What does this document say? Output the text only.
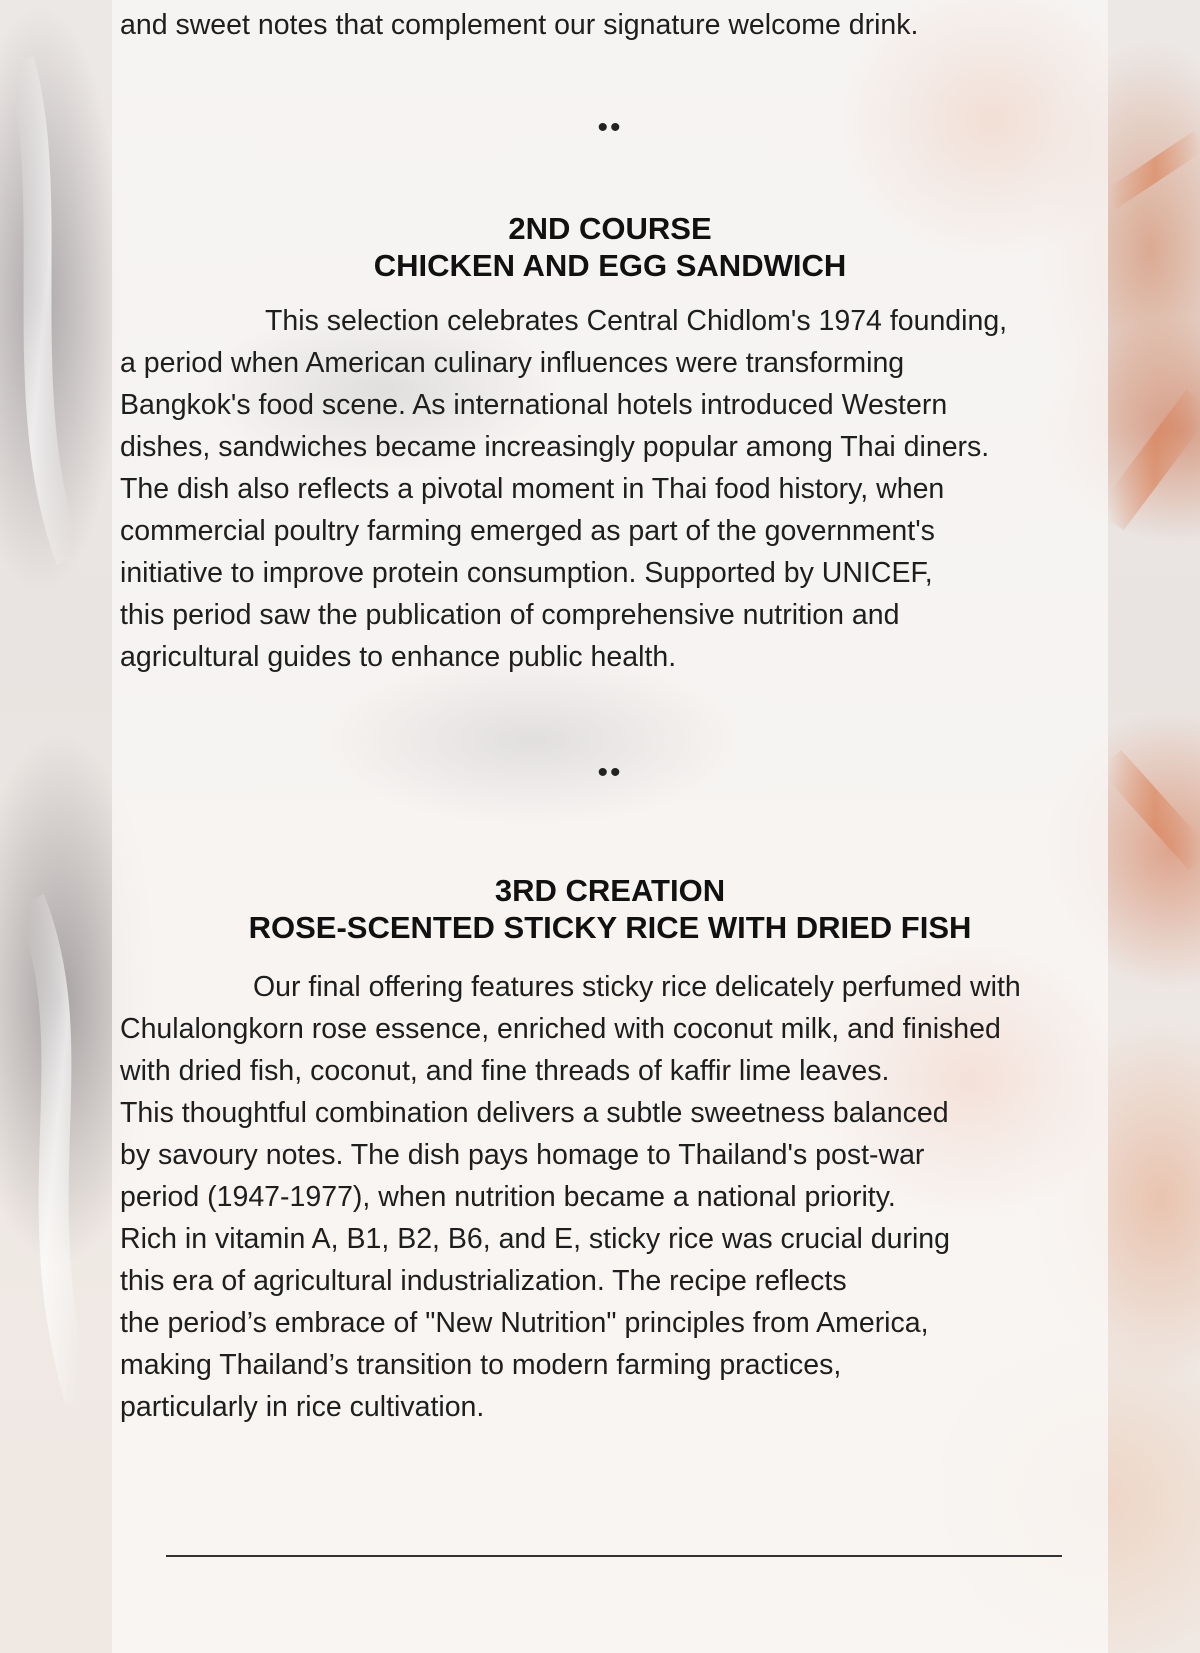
and sweet notes that complement our signature welcome drink.

••
2ND COURSE
CHICKEN AND EGG SANDWICH

This selection celebrates Central Chidlom's 1974 founding,
a period when American culinary influences were transforming
Bangkok's food scene. As international hotels introduced Western
dishes, sandwiches became increasingly popular among Thai diners.
The dish also reflects a pivotal moment in Thai food history, when
commercial poultry farming emerged as part of the government's
initiative to improve protein consumption. Supported by UNICEF,
this period saw the publication of comprehensive nutrition and
agricultural guides to enhance public health.

••
3RD CREATION
ROSE-SCENTED STICKY RICE WITH DRIED FISH

Our final offering features sticky rice delicately perfumed with
Chulalongkorn rose essence, enriched with coconut milk, and finished
with dried fish, coconut, and fine threads of kaffir lime leaves.
This thoughtful combination delivers a subtle sweetness balanced
by savoury notes. The dish pays homage to Thailand's post-war
period (1947-1977), when nutrition became a national priority.
Rich in vitamin A, B1, B2, B6, and E, sticky rice was crucial during
this era of agricultural industrialization. The recipe reflects
the period’s embrace of "New Nutrition" principles from America,
making Thailand’s transition to modern farming practices,
particularly in rice cultivation.
